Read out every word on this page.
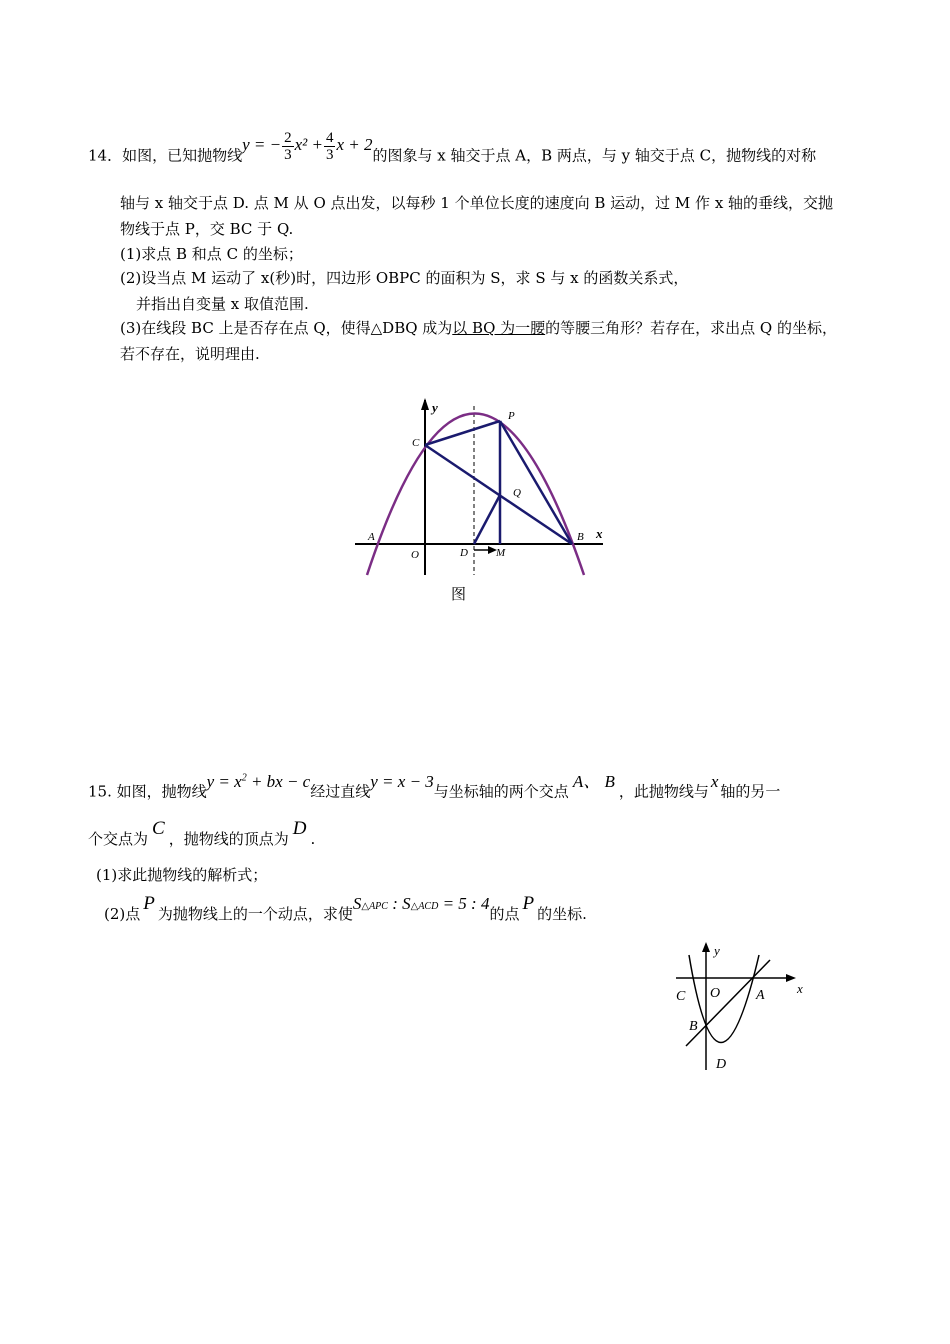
14．如图，已知抛物线y = − $\frac{2}{3} x^2 + \frac{4}{3}$ x + 2的图象与 x 轴交于点 A，B 两点，与 y 轴交于点 C，抛物线的对称
轴与 x 轴交于点 D. 点 M 从 O 点出发，以每秒 1 个单位长度的速度向 B 运动，过 M 作 x 轴的垂线，交抛
物线于点 P，交 BC 于 Q.
(1)求点 B 和点 C 的坐标；
(2)设当点 M 运动了 x(秒)时，四边形 OBPC 的面积为 S，求 S 与 x 的函数关系式，
并指出自变量 x 取值范围.
(3)在线段 BC 上是否存在点 Q，使得△DBQ 成为以 BQ 为一腰的等腰三角形？若存在，求出点 Q 的坐标，
若不存在，说明理由.
y
x
C
P
Q
A
O	D	M
B
图
15. 如图，抛物线$y = x^2$ + bx − c经过直线y = x − 3与坐标轴的两个交点A、 B，此抛物线与x轴的另一
个交点为 C ，抛物线的顶点为 D .
(1)求此抛物线的解析式；
(2)点 P 为抛物线上的一个动点，求使S△APC : S△ACD = 5 : 4的点 P 的坐标.
y
x
C O	A
B
D
